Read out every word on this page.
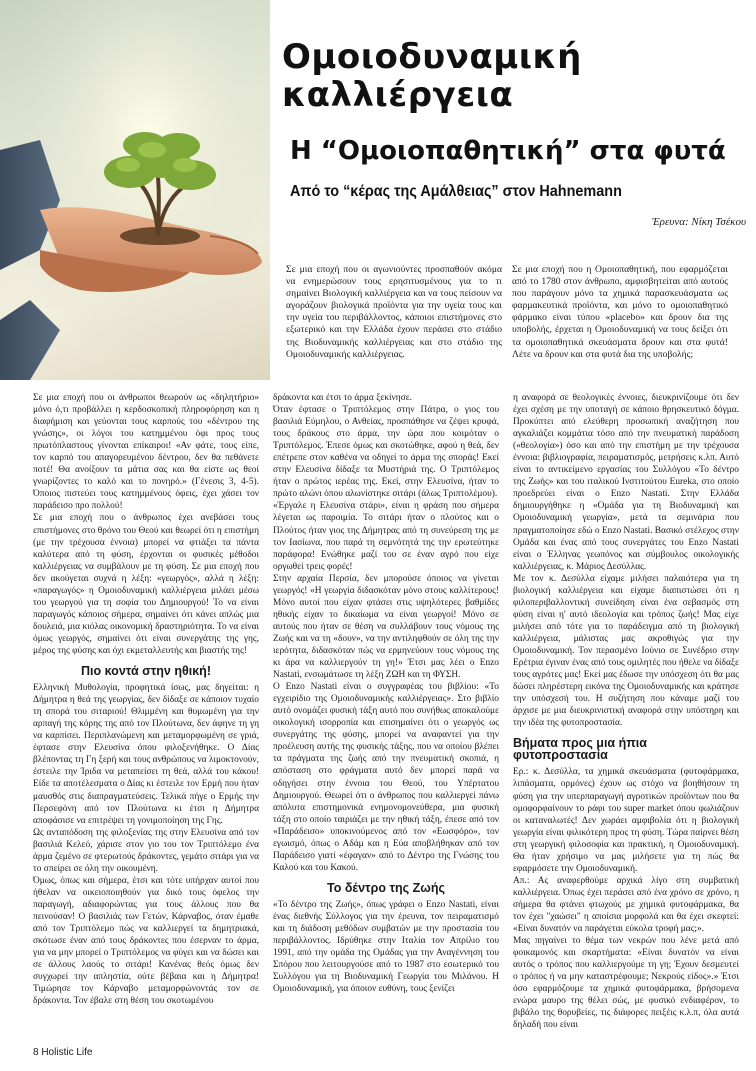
Ομοιοδυναμική καλλιέργεια
Η “Ομοιοπαθητική” στα φυτά
Από το “κέρας της Αμάλθειας” στον Hahnemann
Έρευνα: Νίκη Τσέκου

Σε μια εποχή που οι αγωνιούντες προσπαθούν ακόμα να ενημερώσουν τους ερησιτυσμένους για το τι σημαίνει Βιολογική καλλιέργεια και να τους πείσουν να αγοράζουν βιολογικά προϊόντα για την υγεία τους και την υγεία του περιβάλλοντος, κάποιοι επιστήμονες στο εξωτερικό και την Ελλάδα έχουν περάσει στο στάδιο της Βιοδυναμικής καλλιέργειας και στο στάδιο της Ομοιοδυναμικής καλλιέργειας.

Σε μια εποχή που η Ομοιοπαθητική, που εφαρμόζεται από το 1780 στον άνθρωπο, αμφισβητείται από αυτούς που παράγουν μόνο τα χημικά παρασκευάσματα ως φαρμακευτικά προϊόντα, και μόνο το ομοιοπαθητικό φάρμακο είναι τύπου «placebo» και δρουν δια της υποβολής, έρχεται η Ομοιοδυναμική να τους δείξει ότι τα ομοιοπαθητικά σκευάσματα δρουν και στα φυτά! Λέτε να δρουν και στα φυτά δια της υποβολής;

Σε μια εποχή που οι άνθρωποι θεωρούν ως «δηλητήριο» μόνο ό,τι προβάλλει η κερδοσκοπική πληροφόρηση και η διαφήμιση και γεύονται τους καρπούς του «δέντρου της γνώσης», οι λόγοι του κατημμένου όφι προς τους πρωτόπλαστους γίνονται επίκαιροι! «Αν φάτε, τους είπε, τον καρπό του απαγορευμένου δέντρου, δεν θα πεθάνετε ποτέ! Θα ανοίξουν τα μάτια σας και θα είστε ως θεοί γνωρίζοντες το καλό και το πονηρό.» (Γένεσις 3, 4-5). Όποιος πιστεύει τους κατημμένους όφεις, έχει χάσει τον παράδεισο προ πολλού!

Σε μια εποχή που ο άνθρωπος έχει ανεβάσει τους επιστήμονες στο θρόνο του Θεού και θεωρεί ότι η επιστήμη (με την τρέχουσα έννοια) μπορεί να φτιάξει τα πάντα καλύτερα από τη φύση, έρχονται οι φυσικές μέθοδοι καλλιέργειας να συμβάλουν με τη φύση. Σε μια εποχή που δεν ακούγεται συχνά η λέξη: «γεωργός», αλλά η λέξη: «παραγωγός» η Ομοιοδυναμική καλλιέργεια μιλάει μέσω του γεωργού για τη σοφία του Δημιουργού! Το να είναι παραγωγός κάποιος σήμερα, σημαίνει ότι κάνει απλώς μια δουλειά, μια κιόλας οικονομική δραστηριότητα. Το να είναι όμως γεωργός, σημαίνει ότι είναι συνεργάτης της γης, μέρος της φύσης και όχι εκμεταλλευτής και βιαστής της!

Πιο κοντά στην ηθική!

Ελληνική Μυθολογία, προφητικά ίσως, μας δηγείται: η Δήμητρα η θεά της γεωργίας, δεν δίδαξε σε κάποιον τυχαίο τη σπορά του σιταριού! Θλιμμένη και θυμωμένη για την αρπαγή της κόρης της από τον Πλούτωνα, δεν άφηνε τη γη να καρπίσει. Περιπλανώμενη και μεταμορφωμένη σε γριά, έφτασε στην Ελευσίνα όπου φιλοξενήθηκε. Ο Δίας βλέποντας τη Γη ξερή και τους ανθρώπους να λιμοκτονούν, έστειλε την Ίριδα να μεταπείσει τη θεά, αλλά του κάκου! Είδε τα αποτέλεσματα ο Δίας κι έστειλε τον Ερμή που ήταν μαυσθός στις διαπραγματεύσεις. Τελικά πήγε ο Ερμής την Περσεφόνη από τον Πλούτωνα κι έτσι η Δήμητρα αποφάσισε να επιτρέψει τη γονιμοποίηση της Γης.

Ως ανταπόδοση της φιλοξενίας της στην Ελευσίνα από τον βασιλιά Κελεό, χάρισε στον γιο του τον Τριπτόλεμο ένα άρμα ζεμένο σε φτερωτούς δράκοντες, γεμάτο σιτάρι για να το σπείρει σε όλη την οικουμένη.

Όμως, όπως και σήμερα, έτσι και τότε υπήρχαν αυτοί που ήθελαν να οικειοποιηθούν για δικό τους όφελος την παραγωγή, αδιαφορώντας για τους άλλους που θα πεινούσαν! Ο βασιλιάς των Γετών, Κάρναβος, όταν έμαθε από τον Τριπτόλεμο πώς να καλλιεργεί τα δημητριακά, σκότωσε έναν από τους δράκοντες που έσερναν το άρμα, για να μην μπορεί ο Τριπτόλεμος να φύγει και να δώσει και σε άλλους λαούς το σιτάρι! Κανένας θεός όμως δεν συγχωρεί την απληστία, ούτε βέβαια και η Δήμητρα! Τιμώρησε τον Κάρναβο μεταμορφώνοντάς τον σε δράκοντα. Τον έβαλε στη θέση του σκοτωμένου

δράκοντα και έτσι το άρμα ξεκίνησε.

Όταν έφτασε ο Τριπτόλεμος στην Πάτρα, ο γιος του βασιλιά Εύμηλου, ο Ανθείας, προσπάθησε να ζέψει κρυφά, τους δράκους στο άρμα, την ώρα που κοιμόταν ο Τριπτόλεμος. Έπεσε όμως και σκοτώθηκε, αφού η θεά, δεν επέτρεπε στον καθένα να οδηγεί το άρμα της σποράς! Εκεί στην Ελευσίνα δίδαξε τα Μυστήριά της. Ο Τριπτόλεμος ήταν ο πρώτος ιερέας της. Εκεί, στην Ελευσίνα, ήταν το πρώτο αλώνι όπου αλωνίστηκε σιτάρι (άλως Τριπτολέμου).

«Έργαλε η Ελευσίνα στάρι», είναι η φράση που σήμερα λέγεται ως παροιμία. Το σιτάρι ήταν ο πλούτος και ο Πλούτος ήταν γιος της Δήμητρας από τη συνεύρεση της με τον Ιασίωνα, που παρά τη σεμνότητά της την ερωτεύτηκε παράφορα! Ενώθηκε μαζί του σε έναν αγρό που είχε οργωθεί τρεις φορές!

Στην αρχαία Περσία, δεν μπορούσε όποιος να γίνεται γεωργός! «Η γεωργία διδασκόταν μόνο στους καλλίτερους! Μόνο αυτοί που είχαν φτάσει στις υψηλότερες βαθμίδες ηθικής είχαν το δικαίωμα να είναι γεωργοί! Μόνο σε αυτούς που ήταν σε θέση να συλλάβουν τους νόμους της Ζωής και να τη «δουν», να την αντιληφθούν σε όλη της την ιερότητα, διδασκόταν πώς να ερμηνεύουν τους νόμους της κι άρα να καλλιεργούν τη γη!» Έτσι μας λέει ο Enzo Nastati, ενσωμάτωσε τη λέξη ΖΩΗ και τη ΦΥΣΗ.

Ο Enzo Nastati είναι ο συγγραφέας του βιβλίου: «Το εγχειρίδιο της Ομοιοδυναμικής καλλιέργειας». Στο βιβλίο αυτό ονομάζει φυσική τάξη αυτό που συνήθως αποκαλούμε οικολογική ισορροπία και επισημαίνει ότι ο γεωργός ως συνεργάτης της φύσης, μπορεί να αναφαντεί για την προέλευση αυτής της φυσικής τάξης, που να οποίου βλέπει τα πράγματα της ζωής από την πνευματική σκοπιά, η απόσταση στο φράγματα αυτό δεν μπορεί παρά να οδηγήσει στην έννοια του Θεού, του Υπέρτατου Δημιουργού. Θεωρεί ότι ο άνθρωπος που καλλιεργεί πάνω απόλυτα επιστημονικά ενημονομονεύθερα, μια φυσική τάξη στο οποίο ταιριάζει με την ηθική τάξη, έπεσε από τον «Παράδεισο» υποκινούμενος από τον «Εωσφόρο», τον εγωισμό, όπως ο Αδάμ και η Εύα αποβλήθηκαν από τον Παράδεισο γιατί «έφαγαν» από το Δέντρο της Γνώσης του Καλού και του Κακού.

Το δέντρο της Ζωής

«Το δέντρο της Ζωής», όπως γράφει ο Enzo Nastati, είναι ένας διεθνής Σύλλογος για την έρευνα, τον πειραματισμό και τη διάδοση μεθόδων συμβατών με την προστασία του περιβάλλοντος. Ιδρύθηκε στην Ιταλία τον Απρίλιο του 1991, από την ομάδα της Ομάδας για την Αναγέννηση του Σπόρου που λειτουργούσε από το 1987 στο εσωτερικό του Συλλόγου για τη Βιοδυναμική Γεωργία του Μιλάνου. Η Ομοιοδυναμική, για όποιον ευθύνη, τους ξενίζει

η αναφορά σε θεολογικές έννοιες, διευκρινίζουμε ότι δεν έχει σχέση με την υποταγή σε κάποιο θρησκευτικό δόγμα. Προκύπτει από ελεύθερη προσωπική αναζήτηση που αγκαλιάζει κομμάτια τόσο από την πνευματική παράδοση («θεολογία») όσο και από την επιστήμη με την τρέχουσα έννοια: βιβλιογραφία, πειραματισμός, μετρήσεις κ.λπ. Αυτό είναι το αντικείμενο εργασίας του Συλλόγου «Το δέντρο της Ζωής» και του ιταλικού Ινστιτούτου Eureka, στο οποίο προεδρεύει είναι ο Enzo Nastati. Στην Ελλάδα δημιουργήθηκε η «Ομάδα για τη Βιοδυναμική και Ομοιοδυναμική γεωργία», μετά τα σεμινάρια που πραγματοποίησε εδώ ο Enzo Nastati. Βασικό στέλεχος στην Ομάδα και ένας από τους συνεργάτες του Enzo Nastati είναι ο Έλληνας γεωπόνος και σύμβουλος οικολογικής καλλιέργειας, κ. Μάριος Δεσύλλας.

Με τον κ. Δεσύλλα είχαμε μιλήσει παλαιότερα για τη βιολογική καλλιέργεια και είχαμε διαπιστώσει ότι η φιλοπεριβαλλοντική συνείδηση είναι ένα σεβασμός στη φύση είναι η' αυτό ιδεολογία και τρόπος ζωής! Μας είχε μιλήσει από τότε για το παράδειγμα από τη βιολογική καλλιέργεια, μάλιστας μας ακροθιγώς για την Ομοιοδυναμική. Τον περασμένο Ιούνιο σε Συνέδριο στην Ερέτρια έγιναν ένας από τους ομιλητές που ήθελε να δίδαξε τους αγρότες μας! Εκεί μας έδωσε την υπόσχεση ότι θα μας δώσει πληρέστερη εικόνα της Ομοιοδυναμικής και κράτησε την υπόσχεσή του. Η συζήτηση που κάναμε μαζί του άρχισε με μια διευκρινιστική αναφορά στην υπόστηρη και την ιδέα της φυτοπροστασία.

Βήματα προς μια ήπια φυτοπροστασία

Ερ.: κ. Δεσύλλα, τα χημικά σκευάσματα (φυτοφάρμακα, λιπάσματα, ορμόνες) έχουν ως στόχο να βοηθήσουν τη φύση για την υπερπαραγωγή αγροτικών προϊόντων που θα ομοφορφαίνουν το ράφι του super market όπου φωλιάζουν οι καταναλωτές! Δεν χωράει αμφιβολία ότι η βιολογική γεωργία είναι φιλικότερη προς τη φύση. Τώρα παίρνει θέση στη γεωργική φιλοσοφία και πρακτική, η Ομοιοδυναμική. Θα ήταν χρήσιμο να μας μιλήσετε για τη πώς θα εφαρμόσετε την Ομοιοδυναμική.

Απ.: Ας αναφερθούμε αρχικά λίγο στη συμβατική καλλιέργεια. Όπως έχει περάσει από ένα χρόνο σε χρόνο, η σήμερα θα φτάνει φτωχούς με χημικά φυτοφάρμακα, θα τον έχει "χαώσει" η αποίσια μορφολά και θα έχει σκεφτεί: «Είναι δυνατόν να παράγεται εύκολα τροφή μας;».

Μας πηγαίνει το θέμα των νεκρών που λένε μετά από φοικαμονός και σκαρτήματα: «Είναι δυνατόν να είναι αυτός ο τρόπος που καλλιεργούμε τη γη; Έχουν δεσμευτεί ο τρόπος ή να μην καταστρέφουμε; Νεκρούς είδος».» Έτσι όσο εφαρμόζουμε τα χημικά φυτοφάρμακα, βρήσομενα ενώρα μαυρο της θέλει σώς, με φυσικό ενδιαφέρον, το βιβάλο της θορυβείες, τις διάφορες πειξέις κ.λ.π, όλα αυτά δηλαδή που είναι

8 Holistic Life
